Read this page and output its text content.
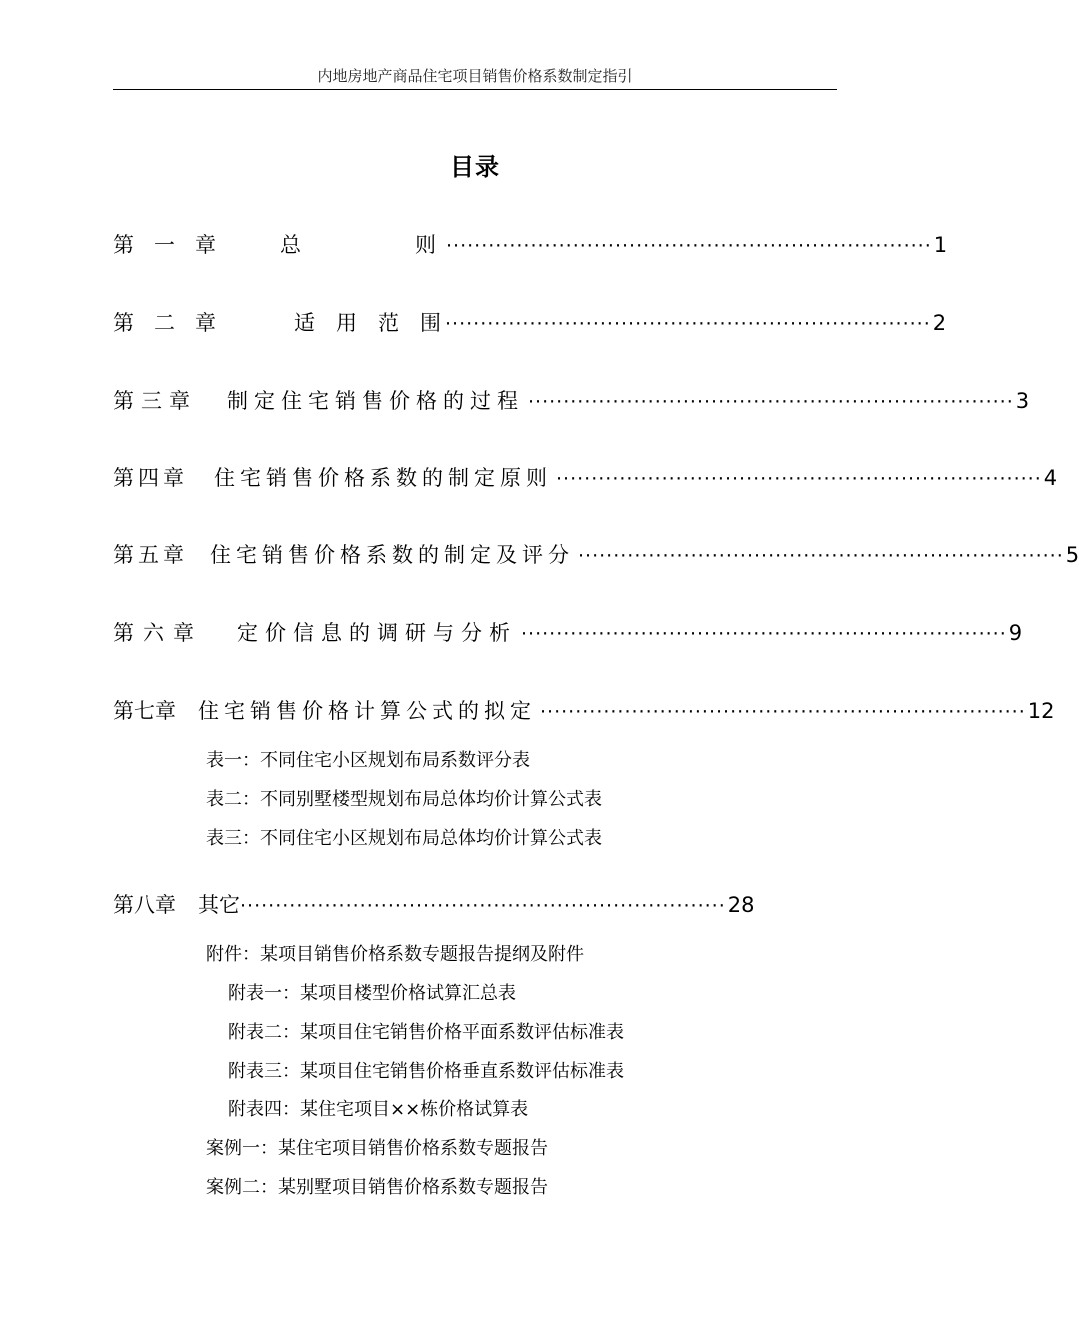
内地房地产商品住宅项目销售价格系数制定指引
目录
第一章 总　　　　则 ····································································· 1
第二章	适　用　范　围 ····································································· 2
第三章 制定住宅销售价格的过程 ····································································· 3
第四章 住宅销售价格系数的制定原则 ····································································· 4
第五章 住宅销售价格系数的制定及评分 ····································································· 5
第六章 定价信息的调研与分析 ····································································· 9
第七章 住宅销售价格计算公式的拟定 ····································································· 12
表一：不同住宅小区规划布局系数评分表
表二：不同别墅楼型规划布局总体均价计算公式表
表三：不同住宅小区规划布局总体均价计算公式表
第八章 其它 ····································································· 28
附件：某项目销售价格系数专题报告提纲及附件
附表一：某项目楼型价格试算汇总表
附表二：某项目住宅销售价格平面系数评估标准表
附表三：某项目住宅销售价格垂直系数评估标准表
附表四：某住宅项目××栋价格试算表
案例一：某住宅项目销售价格系数专题报告
案例二：某别墅项目销售价格系数专题报告
